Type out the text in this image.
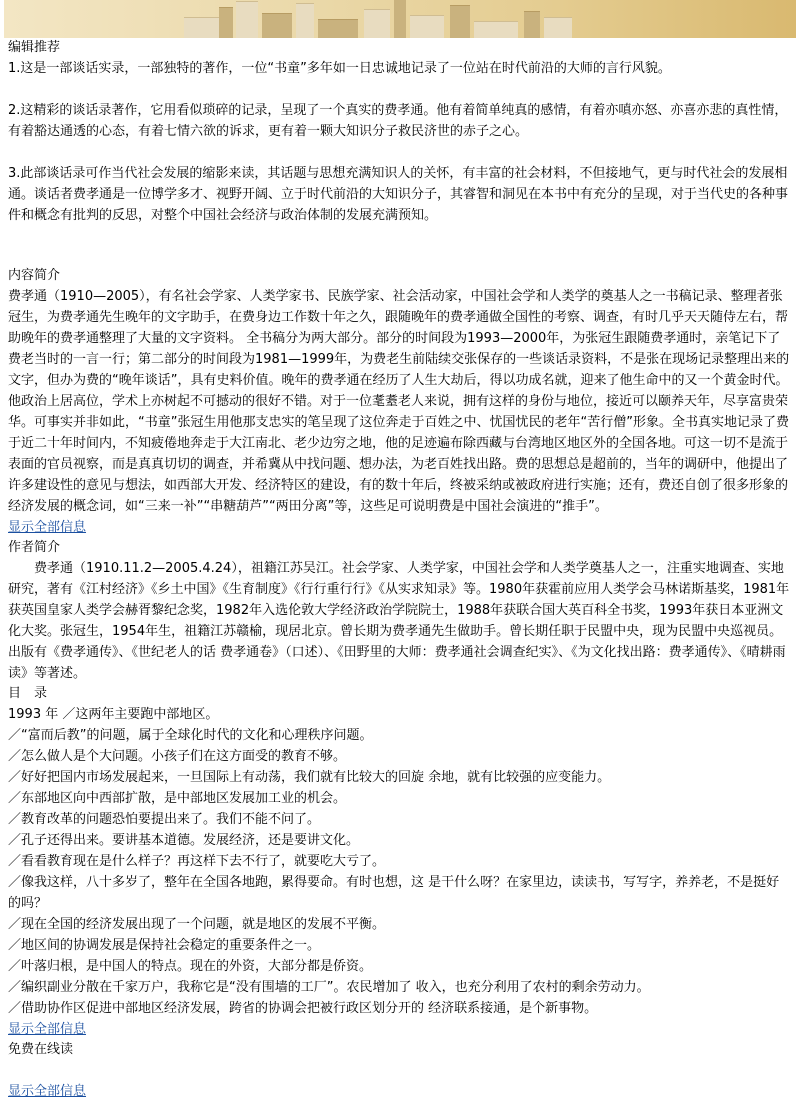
编辑推荐

1.这是一部谈话实录，一部独特的著作，一位“书童”多年如一日忠诚地记录了一位站在时代前沿的大师的言行风貌。

2.这精彩的谈话录著作，它用看似琐碎的记录，呈现了一个真实的费孝通。他有着简单纯真的感情，有着亦嗔亦怒、亦喜亦悲的真性情，有着豁达通透的心态，有着七情六欲的诉求，更有着一颗大知识分子救民济世的赤子之心。

3.此部谈话录可作当代社会发展的缩影来读，其话题与思想充满知识人的关怀，有丰富的社会材料，不但接地气，更与时代社会的发展相通。谈话者费孝通是一位博学多才、视野开阔、立于时代前沿的大知识分子，其睿智和洞见在本书中有充分的呈现，对于当代史的各种事件和概念有批判的反思，对整个中国社会经济与政治体制的发展充满预知。

内容简介

费孝通（1910—2005），有名社会学家、人类学家书、民族学家、社会活动家，中国社会学和人类学的奠基人之一书稿记录、整理者张冠生，为费孝通先生晚年的文字助手，在费身边工作数十年之久，跟随晚年的费孝通做全国性的考察、调查，有时几乎天天随侍左右，帮助晚年的费孝通整理了大量的文字资料。 全书稿分为两大部分。部分的时间段为1993—2000年，为张冠生跟随费孝通时，亲笔记下了费老当时的一言一行；第二部分的时间段为1981—1999年，为费老生前陆续交张保存的一些谈话录资料，不是张在现场记录整理出来的文字，但办为费的“晚年谈话”，具有史料价值。晚年的费孝通在经历了人生大劫后，得以功成名就，迎来了他生命中的又一个黄金时代。他政治上居高位，学术上亦树起不可撼动的很好不错。对于一位耄耋老人来说，拥有这样的身份与地位，接近可以颐养天年，尽享富贵荣华。可事实并非如此，“书童”张冠生用他那支忠实的笔呈现了这位奔走于百姓之中、忧国忧民的老年“苦行僧”形象。全书真实地记录了费于近二十年时间内，不知疲倦地奔走于大江南北、老少边穷之地，他的足迹遍布除西藏与台湾地区地区外的全国各地。可这一切不是流于表面的官员视察，而是真真切切的调查，并希冀从中找问题、想办法，为老百姓找出路。费的思想总是超前的，当年的调研中，他提出了许多建设性的意见与想法，如西部大开发、经济特区的建设，有的数十年后，终被采纳或被政府进行实施；还有，费还自创了很多形象的经济发展的概念词，如“三来一补”“串糖葫芦”“两田分离”等，这些足可说明费是中国社会演进的“推手”。

显示全部信息
作者简介

费孝通（1910.11.2—2005.4.24），祖籍江苏吴江。社会学家、人类学家，中国社会学和人类学奠基人之一，注重实地调查、实地研究，著有《江村经济》《乡土中国》《生育制度》《行行重行行》《从实求知录》等。1980年获霍前应用人类学会马林诺斯基奖，1981年获英国皇家人类学会赫胥黎纪念奖，1982年入选伦敦大学经济政治学院院士，1988年获联合国大英百科全书奖，1993年获日本亚洲文化大奖。张冠生，1954年生，祖籍江苏赣榆，现居北京。曾长期为费孝通先生做助手。曾长期任职于民盟中央，现为民盟中央巡视员。出版有《费孝通传》、《世纪老人的话 费孝通卷》（口述）、《田野里的大师：费孝通社会调查纪实》、《为文化找出路：费孝通传》、《晴耕雨读》等著述。

目 录

1993 年 ／这两年主要跑中部地区。

／“富而后教”的问题，属于全球化时代的文化和心理秩序问题。

／怎么做人是个大问题。小孩子们在这方面受的教育不够。

／好好把国内市场发展起来，一旦国际上有动荡，我们就有比较大的回旋 余地，就有比较强的应变能力。

／东部地区向中西部扩散，是中部地区发展加工业的机会。

／教育改革的问题恐怕要提出来了。我们不能不问了。

／孔子还得出来。要讲基本道德。发展经济，还是要讲文化。

／看看教育现在是什么样子？再这样下去不行了，就要吃大亏了。

／像我这样，八十多岁了，整年在全国各地跑，累得要命。有时也想，这 是干什么呀？在家里边，读读书，写写字，养养老，不是挺好的吗？

／现在全国的经济发展出现了一个问题，就是地区的发展不平衡。

／地区间的协调发展是保持社会稳定的重要条件之一。

／叶落归根，是中国人的特点。现在的外资，大部分都是侨资。

／编织副业分散在千家万户，我称它是“没有围墙的工厂”。农民增加了 收入，也充分利用了农村的剩余劳动力。

／借助协作区促进中部地区经济发展，跨省的协调会把被行政区划分开的 经济联系接通，是个新事物。

显示全部信息
免费在线读
显示全部信息
